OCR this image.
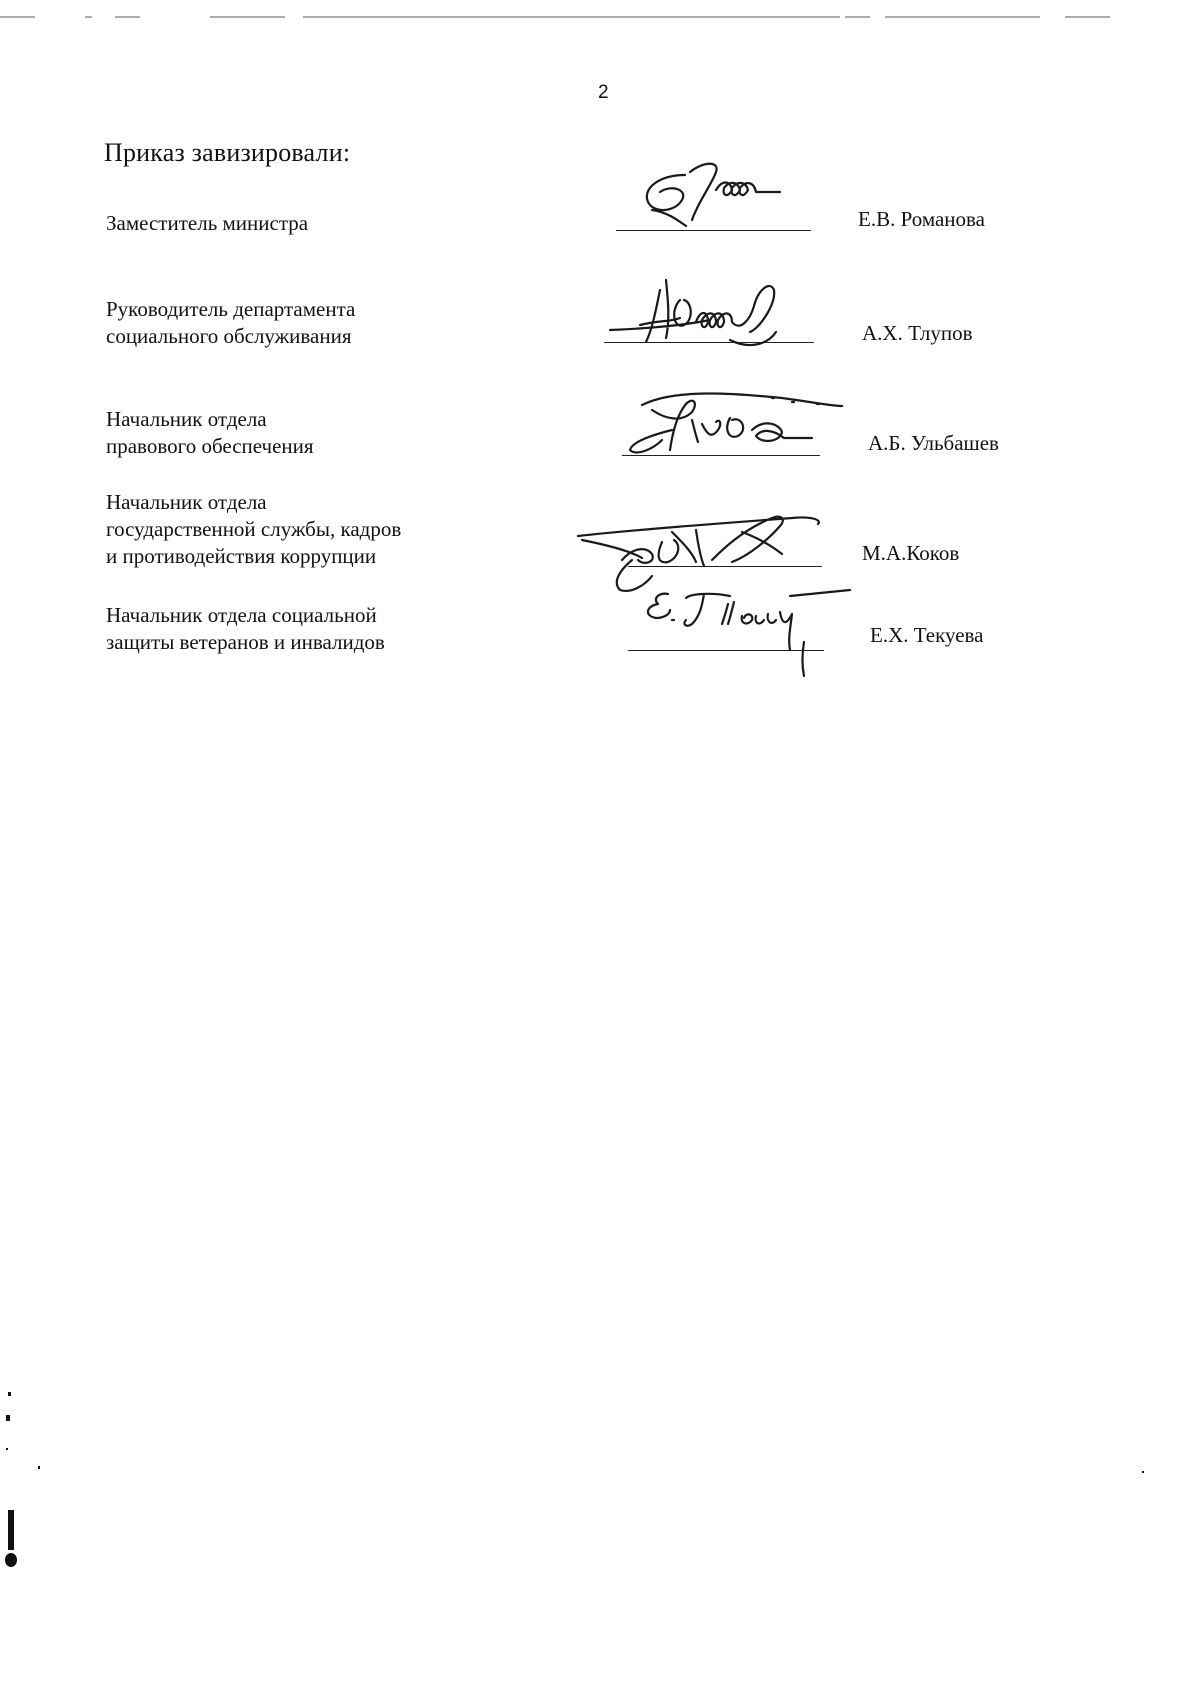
2
Приказ завизировали:
Заместитель министра	Е.В. Романова
Руководитель департамента
социального обслуживания	А.Х. Тлупов
Начальник отдела
правового обеспечения	А.Б. Ульбашев
Начальник отдела
государственной службы, кадров
и противодействия коррупции	М.А.Коков
Начальник отдела социальной
защиты ветеранов и инвалидов	Е.Х. Текуева
